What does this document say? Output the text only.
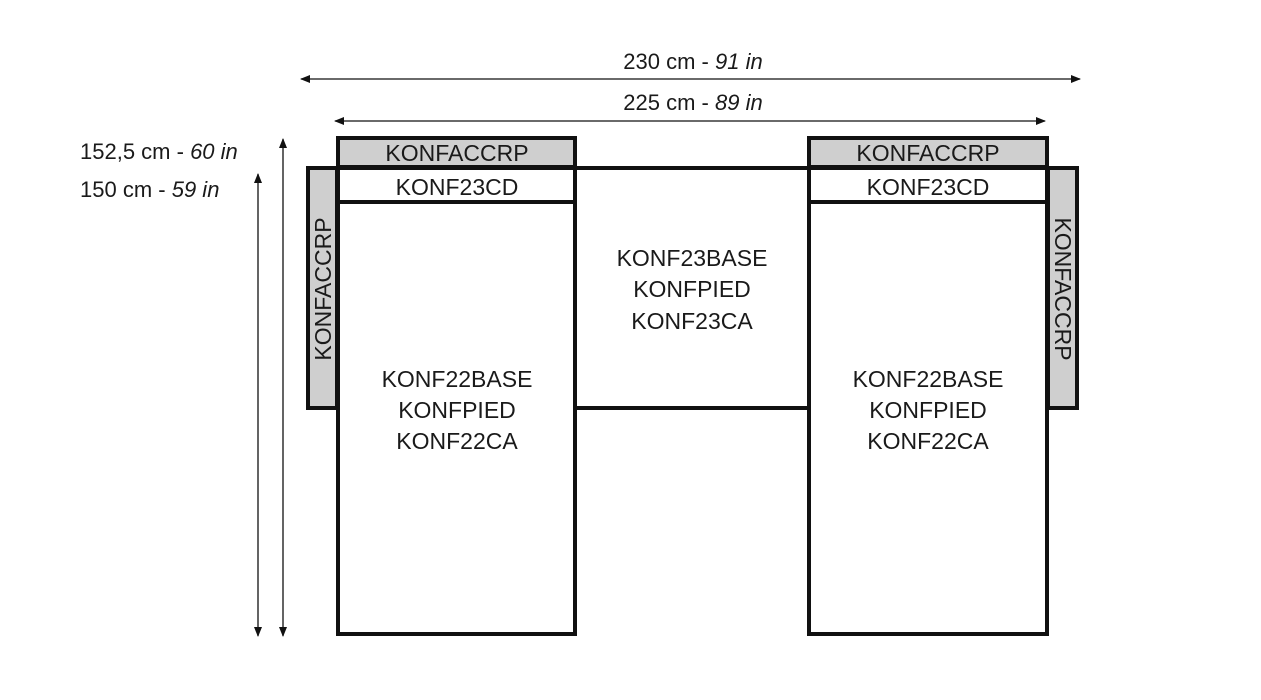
230 cm - 91 in
225 cm - 89 in
152,5 cm - 60 in
150 cm - 59 in
KONFACCRP	KONFACCRP
KONF23CD	KONF23CD
KONFACCRP	KONFACCRP
KONF23BASE
KONFPIED
KONF23CA
KONF22BASE
KONFPIED
KONF22CA
KONF22BASE
KONFPIED
KONF22CA
